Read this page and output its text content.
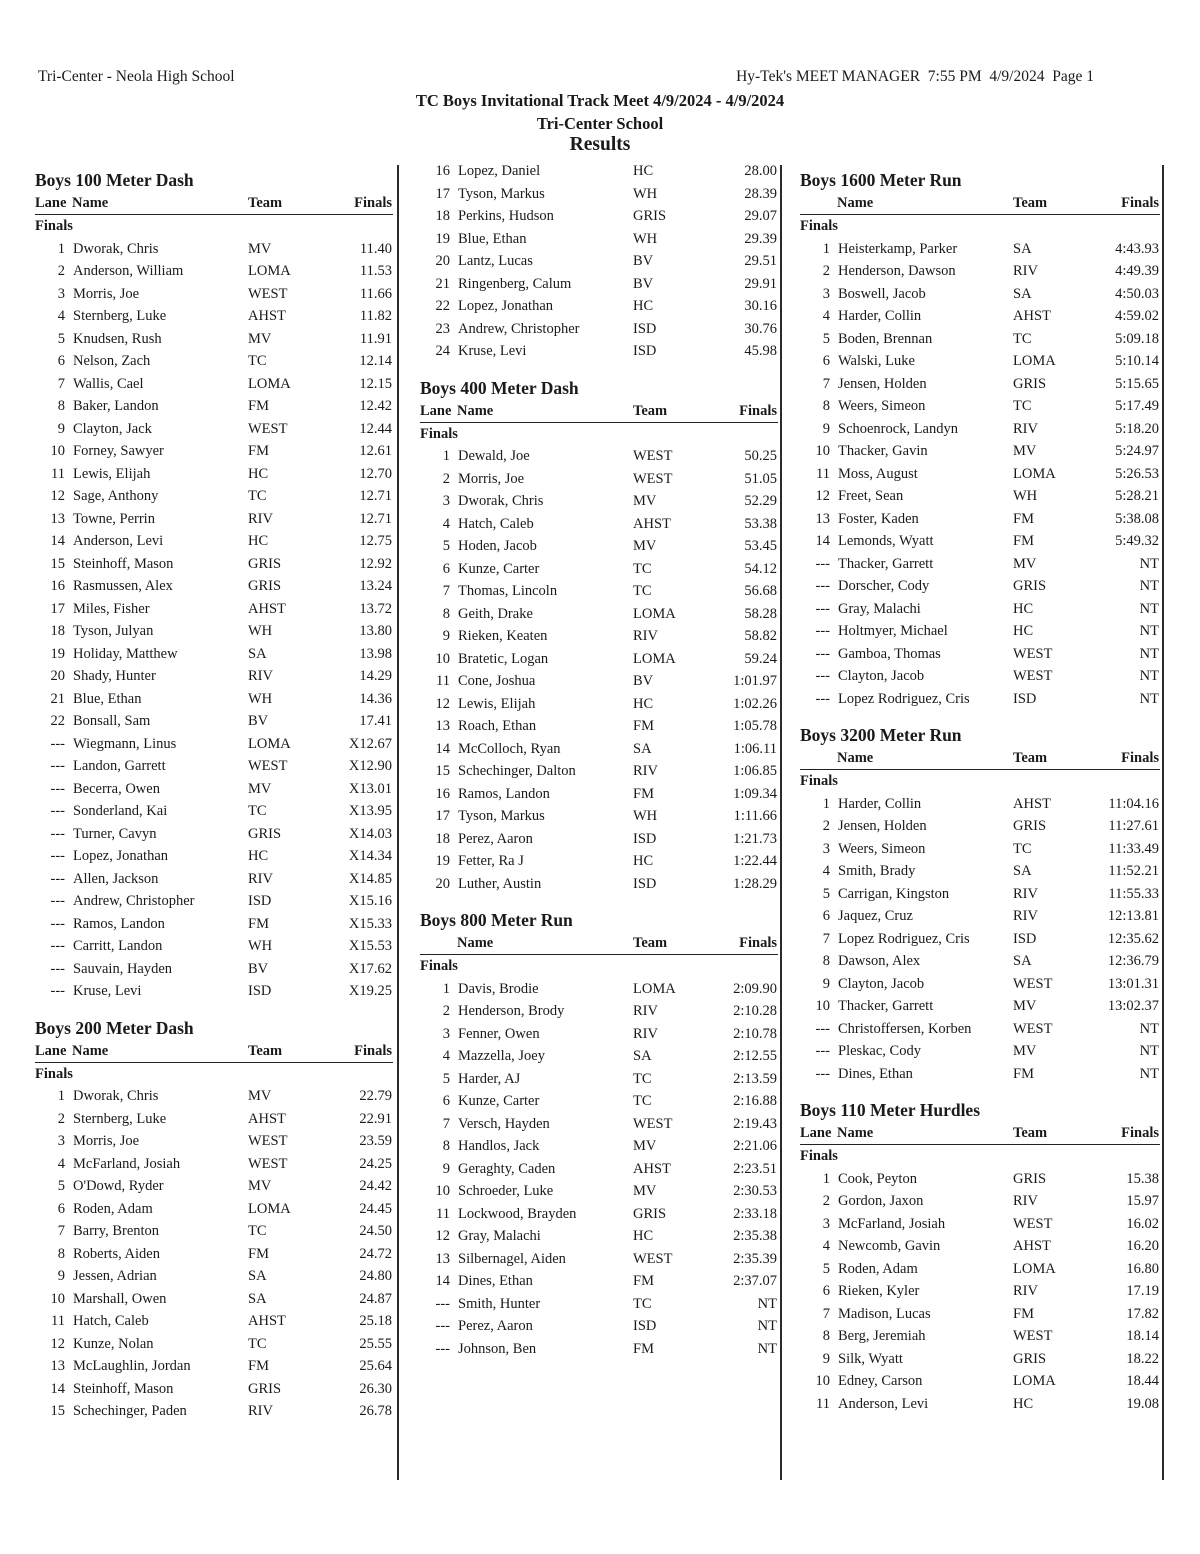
Tri-Center - Neola High School	Hy-Tek's MEET MANAGER  7:55 PM  4/9/2024  Page 1
TC Boys Invitational Track Meet 4/9/2024 - 4/9/2024
Tri-Center School
Results
Boys 100 Meter Dash
Lane Name	Team	Finals
Finals
1 Dworak, Chris	MV	11.40
2 Anderson, William	LOMA	11.53
3 Morris, Joe	WEST	11.66
4 Sternberg, Luke	AHST	11.82
5 Knudsen, Rush	MV	11.91
6 Nelson, Zach	TC	12.14
7 Wallis, Cael	LOMA	12.15
8 Baker, Landon	FM	12.42
9 Clayton, Jack	WEST	12.44
10 Forney, Sawyer	FM	12.61
11 Lewis, Elijah	HC	12.70
12 Sage, Anthony	TC	12.71
13 Towne, Perrin	RIV	12.71
14 Anderson, Levi	HC	12.75
15 Steinhoff, Mason	GRIS	12.92
16 Rasmussen, Alex	GRIS	13.24
17 Miles, Fisher	AHST	13.72
18 Tyson, Julyan	WH	13.80
19 Holiday, Matthew	SA	13.98
20 Shady, Hunter	RIV	14.29
21 Blue, Ethan	WH	14.36
22 Bonsall, Sam	BV	17.41
--- Wiegmann, Linus	LOMA	X12.67
--- Landon, Garrett	WEST	X12.90
--- Becerra, Owen	MV	X13.01
--- Sonderland, Kai	TC	X13.95
--- Turner, Cavyn	GRIS	X14.03
--- Lopez, Jonathan	HC	X14.34
--- Allen, Jackson	RIV	X14.85
--- Andrew, Christopher	ISD	X15.16
--- Ramos, Landon	FM	X15.33
--- Carritt, Landon	WH	X15.53
--- Sauvain, Hayden	BV	X17.62
--- Kruse, Levi	ISD	X19.25
Boys 200 Meter Dash
Lane Name	Team	Finals
Finals
1 Dworak, Chris	MV	22.79
2 Sternberg, Luke	AHST	22.91
3 Morris, Joe	WEST	23.59
4 McFarland, Josiah	WEST	24.25
5 O'Dowd, Ryder	MV	24.42
6 Roden, Adam	LOMA	24.45
7 Barry, Brenton	TC	24.50
8 Roberts, Aiden	FM	24.72
9 Jessen, Adrian	SA	24.80
10 Marshall, Owen	SA	24.87
11 Hatch, Caleb	AHST	25.18
12 Kunze, Nolan	TC	25.55
13 McLaughlin, Jordan	FM	25.64
14 Steinhoff, Mason	GRIS	26.30
15 Schechinger, Paden	RIV	26.78
16 Lopez, Daniel	HC	28.00
17 Tyson, Markus	WH	28.39
18 Perkins, Hudson	GRIS	29.07
19 Blue, Ethan	WH	29.39
20 Lantz, Lucas	BV	29.51
21 Ringenberg, Calum	BV	29.91
22 Lopez, Jonathan	HC	30.16
23 Andrew, Christopher	ISD	30.76
24 Kruse, Levi	ISD	45.98
Boys 400 Meter Dash
Lane Name	Team	Finals
Finals
1 Dewald, Joe	WEST	50.25
2 Morris, Joe	WEST	51.05
3 Dworak, Chris	MV	52.29
4 Hatch, Caleb	AHST	53.38
5 Hoden, Jacob	MV	53.45
6 Kunze, Carter	TC	54.12
7 Thomas, Lincoln	TC	56.68
8 Geith, Drake	LOMA	58.28
9 Rieken, Keaten	RIV	58.82
10 Bratetic, Logan	LOMA	59.24
11 Cone, Joshua	BV	1:01.97
12 Lewis, Elijah	HC	1:02.26
13 Roach, Ethan	FM	1:05.78
14 McColloch, Ryan	SA	1:06.11
15 Schechinger, Dalton	RIV	1:06.85
16 Ramos, Landon	FM	1:09.34
17 Tyson, Markus	WH	1:11.66
18 Perez, Aaron	ISD	1:21.73
19 Fetter, Ra J	HC	1:22.44
20 Luther, Austin	ISD	1:28.29
Boys 800 Meter Run
Name	Team	Finals
Finals
1 Davis, Brodie	LOMA	2:09.90
2 Henderson, Brody	RIV	2:10.28
3 Fenner, Owen	RIV	2:10.78
4 Mazzella, Joey	SA	2:12.55
5 Harder, AJ	TC	2:13.59
6 Kunze, Carter	TC	2:16.88
7 Versch, Hayden	WEST	2:19.43
8 Handlos, Jack	MV	2:21.06
9 Geraghty, Caden	AHST	2:23.51
10 Schroeder, Luke	MV	2:30.53
11 Lockwood, Brayden	GRIS	2:33.18
12 Gray, Malachi	HC	2:35.38
13 Silbernagel, Aiden	WEST	2:35.39
14 Dines, Ethan	FM	2:37.07
--- Smith, Hunter	TC	NT
--- Perez, Aaron	ISD	NT
--- Johnson, Ben	FM	NT
Boys 1600 Meter Run
Name	Team	Finals
Finals
1 Heisterkamp, Parker	SA	4:43.93
2 Henderson, Dawson	RIV	4:49.39
3 Boswell, Jacob	SA	4:50.03
4 Harder, Collin	AHST	4:59.02
5 Boden, Brennan	TC	5:09.18
6 Walski, Luke	LOMA	5:10.14
7 Jensen, Holden	GRIS	5:15.65
8 Weers, Simeon	TC	5:17.49
9 Schoenrock, Landyn	RIV	5:18.20
10 Thacker, Gavin	MV	5:24.97
11 Moss, August	LOMA	5:26.53
12 Freet, Sean	WH	5:28.21
13 Foster, Kaden	FM	5:38.08
14 Lemonds, Wyatt	FM	5:49.32
--- Thacker, Garrett	MV	NT
--- Dorscher, Cody	GRIS	NT
--- Gray, Malachi	HC	NT
--- Holtmyer, Michael	HC	NT
--- Gamboa, Thomas	WEST	NT
--- Clayton, Jacob	WEST	NT
--- Lopez Rodriguez, Cris	ISD	NT
Boys 3200 Meter Run
Name	Team	Finals
Finals
1 Harder, Collin	AHST	11:04.16
2 Jensen, Holden	GRIS	11:27.61
3 Weers, Simeon	TC	11:33.49
4 Smith, Brady	SA	11:52.21
5 Carrigan, Kingston	RIV	11:55.33
6 Jaquez, Cruz	RIV	12:13.81
7 Lopez Rodriguez, Cris	ISD	12:35.62
8 Dawson, Alex	SA	12:36.79
9 Clayton, Jacob	WEST	13:01.31
10 Thacker, Garrett	MV	13:02.37
--- Christoffersen, Korben	WEST	NT
--- Pleskac, Cody	MV	NT
--- Dines, Ethan	FM	NT
Boys 110 Meter Hurdles
Lane Name	Team	Finals
Finals
1 Cook, Peyton	GRIS	15.38
2 Gordon, Jaxon	RIV	15.97
3 McFarland, Josiah	WEST	16.02
4 Newcomb, Gavin	AHST	16.20
5 Roden, Adam	LOMA	16.80
6 Rieken, Kyler	RIV	17.19
7 Madison, Lucas	FM	17.82
8 Berg, Jeremiah	WEST	18.14
9 Silk, Wyatt	GRIS	18.22
10 Edney, Carson	LOMA	18.44
11 Anderson, Levi	HC	19.08
